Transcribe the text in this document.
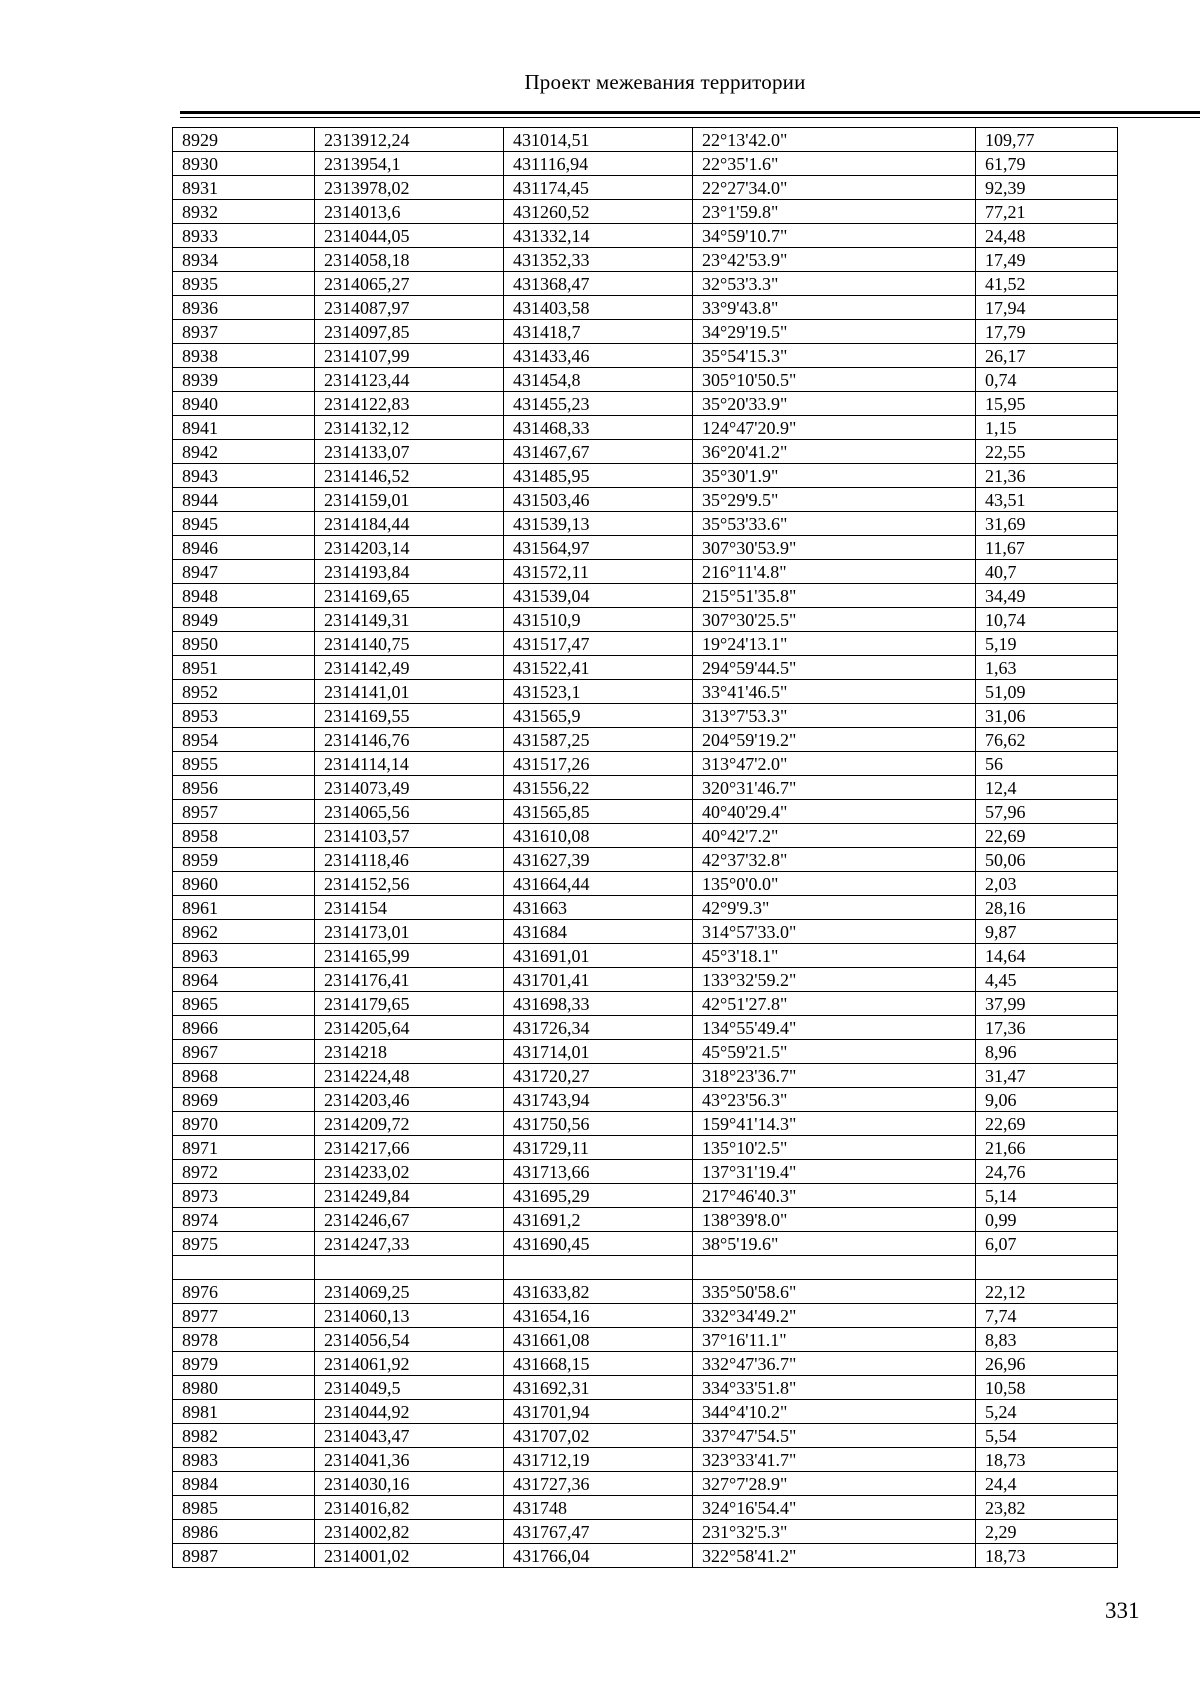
Проект межевания территории
8929	2313912,24	431014,51	22°13'42.0"	109,77
8930	2313954,1	431116,94	22°35'1.6"	61,79
8931	2313978,02	431174,45	22°27'34.0"	92,39
8932	2314013,6	431260,52	23°1'59.8"	77,21
8933	2314044,05	431332,14	34°59'10.7"	24,48
8934	2314058,18	431352,33	23°42'53.9"	17,49
8935	2314065,27	431368,47	32°53'3.3"	41,52
8936	2314087,97	431403,58	33°9'43.8"	17,94
8937	2314097,85	431418,7	34°29'19.5"	17,79
8938	2314107,99	431433,46	35°54'15.3"	26,17
8939	2314123,44	431454,8	305°10'50.5"	0,74
8940	2314122,83	431455,23	35°20'33.9"	15,95
8941	2314132,12	431468,33	124°47'20.9"	1,15
8942	2314133,07	431467,67	36°20'41.2"	22,55
8943	2314146,52	431485,95	35°30'1.9"	21,36
8944	2314159,01	431503,46	35°29'9.5"	43,51
8945	2314184,44	431539,13	35°53'33.6"	31,69
8946	2314203,14	431564,97	307°30'53.9"	11,67
8947	2314193,84	431572,11	216°11'4.8"	40,7
8948	2314169,65	431539,04	215°51'35.8"	34,49
8949	2314149,31	431510,9	307°30'25.5"	10,74
8950	2314140,75	431517,47	19°24'13.1"	5,19
8951	2314142,49	431522,41	294°59'44.5"	1,63
8952	2314141,01	431523,1	33°41'46.5"	51,09
8953	2314169,55	431565,9	313°7'53.3"	31,06
8954	2314146,76	431587,25	204°59'19.2"	76,62
8955	2314114,14	431517,26	313°47'2.0"	56
8956	2314073,49	431556,22	320°31'46.7"	12,4
8957	2314065,56	431565,85	40°40'29.4"	57,96
8958	2314103,57	431610,08	40°42'7.2"	22,69
8959	2314118,46	431627,39	42°37'32.8"	50,06
8960	2314152,56	431664,44	135°0'0.0"	2,03
8961	2314154	431663	42°9'9.3"	28,16
8962	2314173,01	431684	314°57'33.0"	9,87
8963	2314165,99	431691,01	45°3'18.1"	14,64
8964	2314176,41	431701,41	133°32'59.2"	4,45
8965	2314179,65	431698,33	42°51'27.8"	37,99
8966	2314205,64	431726,34	134°55'49.4"	17,36
8967	2314218	431714,01	45°59'21.5"	8,96
8968	2314224,48	431720,27	318°23'36.7"	31,47
8969	2314203,46	431743,94	43°23'56.3"	9,06
8970	2314209,72	431750,56	159°41'14.3"	22,69
8971	2314217,66	431729,11	135°10'2.5"	21,66
8972	2314233,02	431713,66	137°31'19.4"	24,76
8973	2314249,84	431695,29	217°46'40.3"	5,14
8974	2314246,67	431691,2	138°39'8.0"	0,99
8975	2314247,33	431690,45	38°5'19.6"	6,07

8976	2314069,25	431633,82	335°50'58.6"	22,12
8977	2314060,13	431654,16	332°34'49.2"	7,74
8978	2314056,54	431661,08	37°16'11.1"	8,83
8979	2314061,92	431668,15	332°47'36.7"	26,96
8980	2314049,5	431692,31	334°33'51.8"	10,58
8981	2314044,92	431701,94	344°4'10.2"	5,24
8982	2314043,47	431707,02	337°47'54.5"	5,54
8983	2314041,36	431712,19	323°33'41.7"	18,73
8984	2314030,16	431727,36	327°7'28.9"	24,4
8985	2314016,82	431748	324°16'54.4"	23,82
8986	2314002,82	431767,47	231°32'5.3"	2,29
8987	2314001,02	431766,04	322°58'41.2"	18,73
331
